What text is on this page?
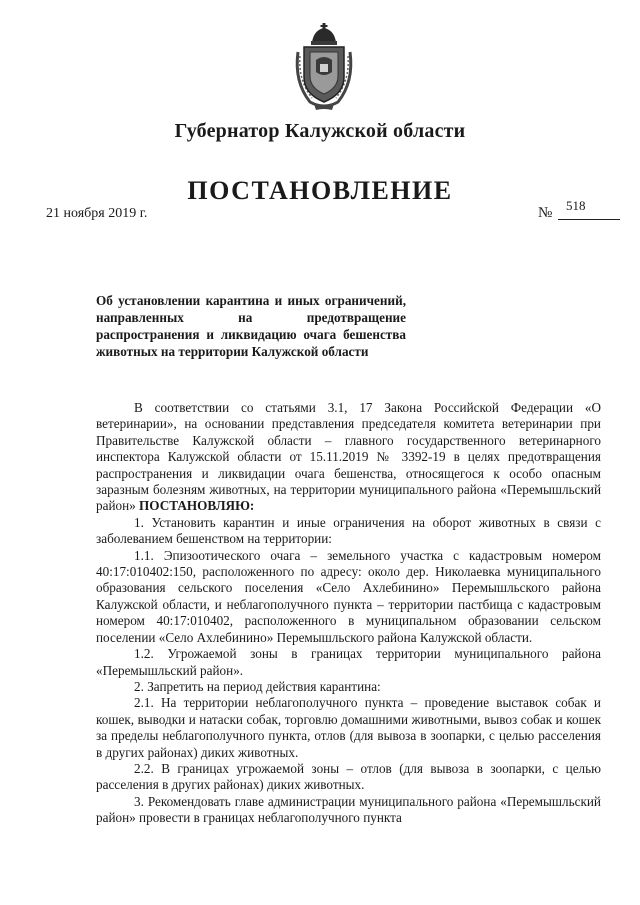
Губернатор Калужской области
ПОСТАНОВЛЕНИЕ
21 ноября 2019 г.	№ 518
Об установлении карантина и иных ограничений, направленных на предотвращение распространения и ликвидацию очага бешенства животных на территории Калужской области

В соответствии со статьями 3.1, 17 Закона Российской Федерации «О ветеринарии», на основании представления председателя комитета ветеринарии при Правительстве Калужской области – главного государственного ветеринарного инспектора Калужской области от 15.11.2019 № 3392-19 в целях предотвращения распространения и ликвидации очага бешенства, относящегося к особо опасным заразным болезням животных, на территории муниципального района «Перемышльский район» ПОСТАНОВЛЯЮ:

1. Установить карантин и иные ограничения на оборот животных в связи с заболеванием бешенством на территории:

1.1. Эпизоотического очага – земельного участка с кадастровым номером 40:17:010402:150, расположенного по адресу: около дер. Николаевка муниципального образования сельского поселения «Село Ахлебинино» Перемышльского района Калужской области, и неблагополучного пункта – территории пастбища с кадастровым номером 40:17:010402, расположенного в муниципальном образовании сельском поселении «Село Ахлебинино» Перемышльского района Калужской области.

1.2. Угрожаемой зоны в границах территории муниципального района «Перемышльский район».

2. Запретить на период действия карантина:

2.1. На территории неблагополучного пункта – проведение выставок собак и кошек, выводки и натаски собак, торговлю домашними животными, вывоз собак и кошек за пределы неблагополучного пункта, отлов (для вывоза в зоопарки, с целью расселения в других районах) диких животных.

2.2. В границах угрожаемой зоны – отлов (для вывоза в зоопарки, с целью расселения в других районах) диких животных.

3. Рекомендовать главе администрации муниципального района «Перемышльский район» провести в границах неблагополучного пункта
